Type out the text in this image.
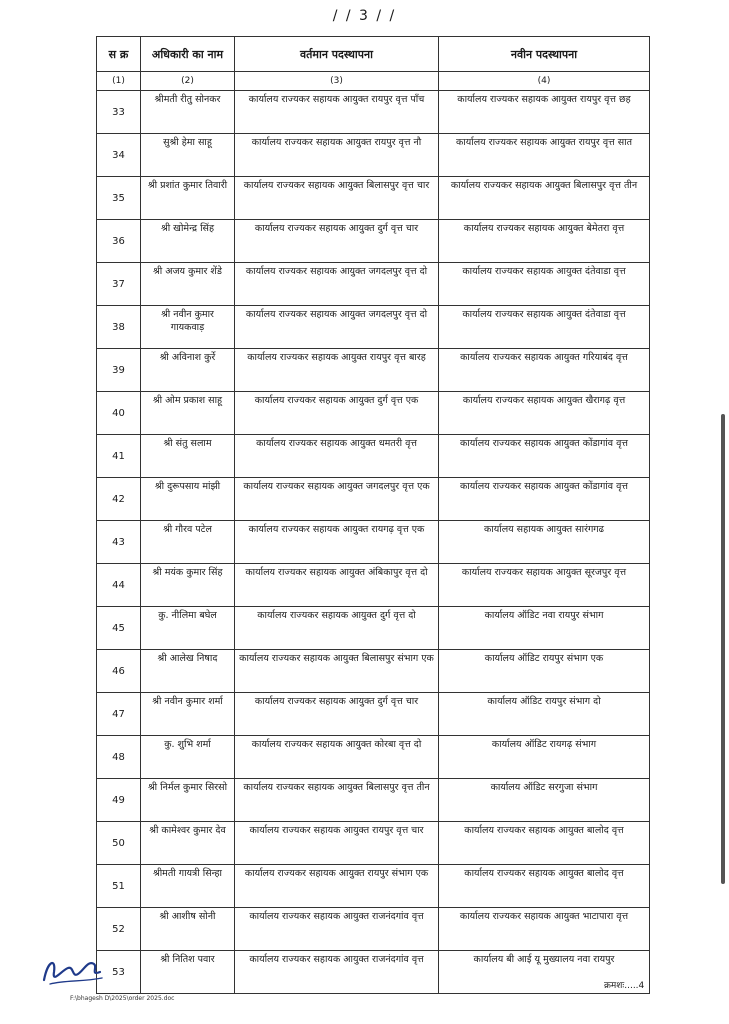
/ / 3 / /
स क्र	अधिकारी का नाम	वर्तमान पदस्थापना	नवीन पदस्थापना
(1)	(2)	(3)	(4)
33	श्रीमती रीतु सोनकर	कार्यालय राज्यकर सहायक आयुक्त रायपुर वृत्त पाँच	कार्यालय राज्यकर सहायक आयुक्त रायपुर वृत्त छह
34	सुश्री हेमा साहू	कार्यालय राज्यकर सहायक आयुक्त रायपुर वृत्त नौ	कार्यालय राज्यकर सहायक आयुक्त रायपुर वृत्त सात
35	श्री प्रशांत कुमार तिवारी	कार्यालय राज्यकर सहायक आयुक्त बिलासपुर वृत्त चार	कार्यालय राज्यकर सहायक आयुक्त बिलासपुर वृत्त तीन
36	श्री खोमेन्द्र सिंह	कार्यालय राज्यकर सहायक आयुक्त दुर्ग वृत्त चार	कार्यालय राज्यकर सहायक आयुक्त बेमेतरा वृत्त
37	श्री अजय कुमार शेंडे	कार्यालय राज्यकर सहायक आयुक्त जगदलपुर वृत्त दो	कार्यालय राज्यकर सहायक आयुक्त दंतेवाडा वृत्त
38	श्री नवीन कुमार गायकवाड़	कार्यालय राज्यकर सहायक आयुक्त जगदलपुर वृत्त दो	कार्यालय राज्यकर सहायक आयुक्त दंतेवाडा वृत्त
39	श्री अविनाश कुर्रे	कार्यालय राज्यकर सहायक आयुक्त रायपुर वृत्त बारह	कार्यालय राज्यकर सहायक आयुक्त गरियाबंद वृत्त
40	श्री ओम प्रकाश साहू	कार्यालय राज्यकर सहायक आयुक्त दुर्ग वृत्त एक	कार्यालय राज्यकर सहायक आयुक्त खैरागढ़ वृत्त
41	श्री संतु सलाम	कार्यालय राज्यकर सहायक आयुक्त धमतरी वृत्त	कार्यालय राज्यकर सहायक आयुक्त कोंडागांव वृत्त
42	श्री दुरूपसाय मांझी	कार्यालय राज्यकर सहायक आयुक्त जगदलपुर वृत्त एक	कार्यालय राज्यकर सहायक आयुक्त कोंडागांव वृत्त
43	श्री गौरव पटेल	कार्यालय राज्यकर सहायक आयुक्त रायगढ़ वृत्त एक	कार्यालय सहायक आयुक्त सारंगगढ
44	श्री मयंक कुमार सिंह	कार्यालय राज्यकर सहायक आयुक्त अंबिकापुर वृत्त दो	कार्यालय राज्यकर सहायक आयुक्त सूरजपुर वृत्त
45	कु. नीलिमा बघेल	कार्यालय राज्यकर सहायक आयुक्त दुर्ग वृत्त दो	कार्यालय ऑडिट नवा रायपुर संभाग
46	श्री आलेख निषाद	कार्यालय राज्यकर सहायक आयुक्त बिलासपुर संभाग एक	कार्यालय ऑडिट रायपुर संभाग एक
47	श्री नवीन कुमार शर्मा	कार्यालय राज्यकर सहायक आयुक्त दुर्ग वृत्त चार	कार्यालय ऑडिट रायपुर संभाग दो
48	कु. शुभि शर्मा	कार्यालय राज्यकर सहायक आयुक्त कोरबा वृत्त दो	कार्यालय ऑडिट रायगढ़ संभाग
49	श्री निर्मल कुमार सिरसो	कार्यालय राज्यकर सहायक आयुक्त बिलासपुर वृत्त तीन	कार्यालय ऑडिट सरगुजा संभाग
50	श्री कामेश्वर कुमार देव	कार्यालय राज्यकर सहायक आयुक्त रायपुर वृत्त चार	कार्यालय राज्यकर सहायक आयुक्त बालोद वृत्त
51	श्रीमती गायत्री सिन्हा	कार्यालय राज्यकर सहायक आयुक्त रायपुर संभाग एक	कार्यालय राज्यकर सहायक आयुक्त बालोद वृत्त
52	श्री आशीष सोनी	कार्यालय राज्यकर सहायक आयुक्त राजनंदगांव वृत्त	कार्यालय राज्यकर सहायक आयुक्त भाटापारा वृत्त
53	श्री नितिश पवार	कार्यालय राज्यकर सहायक आयुक्त राजनंदगांव वृत्त	कार्यालय बी आई यू मुख्यालय नवा रायपुर
F:\bhagesh D\2025\order 2025.doc
क्रमशः.....4
